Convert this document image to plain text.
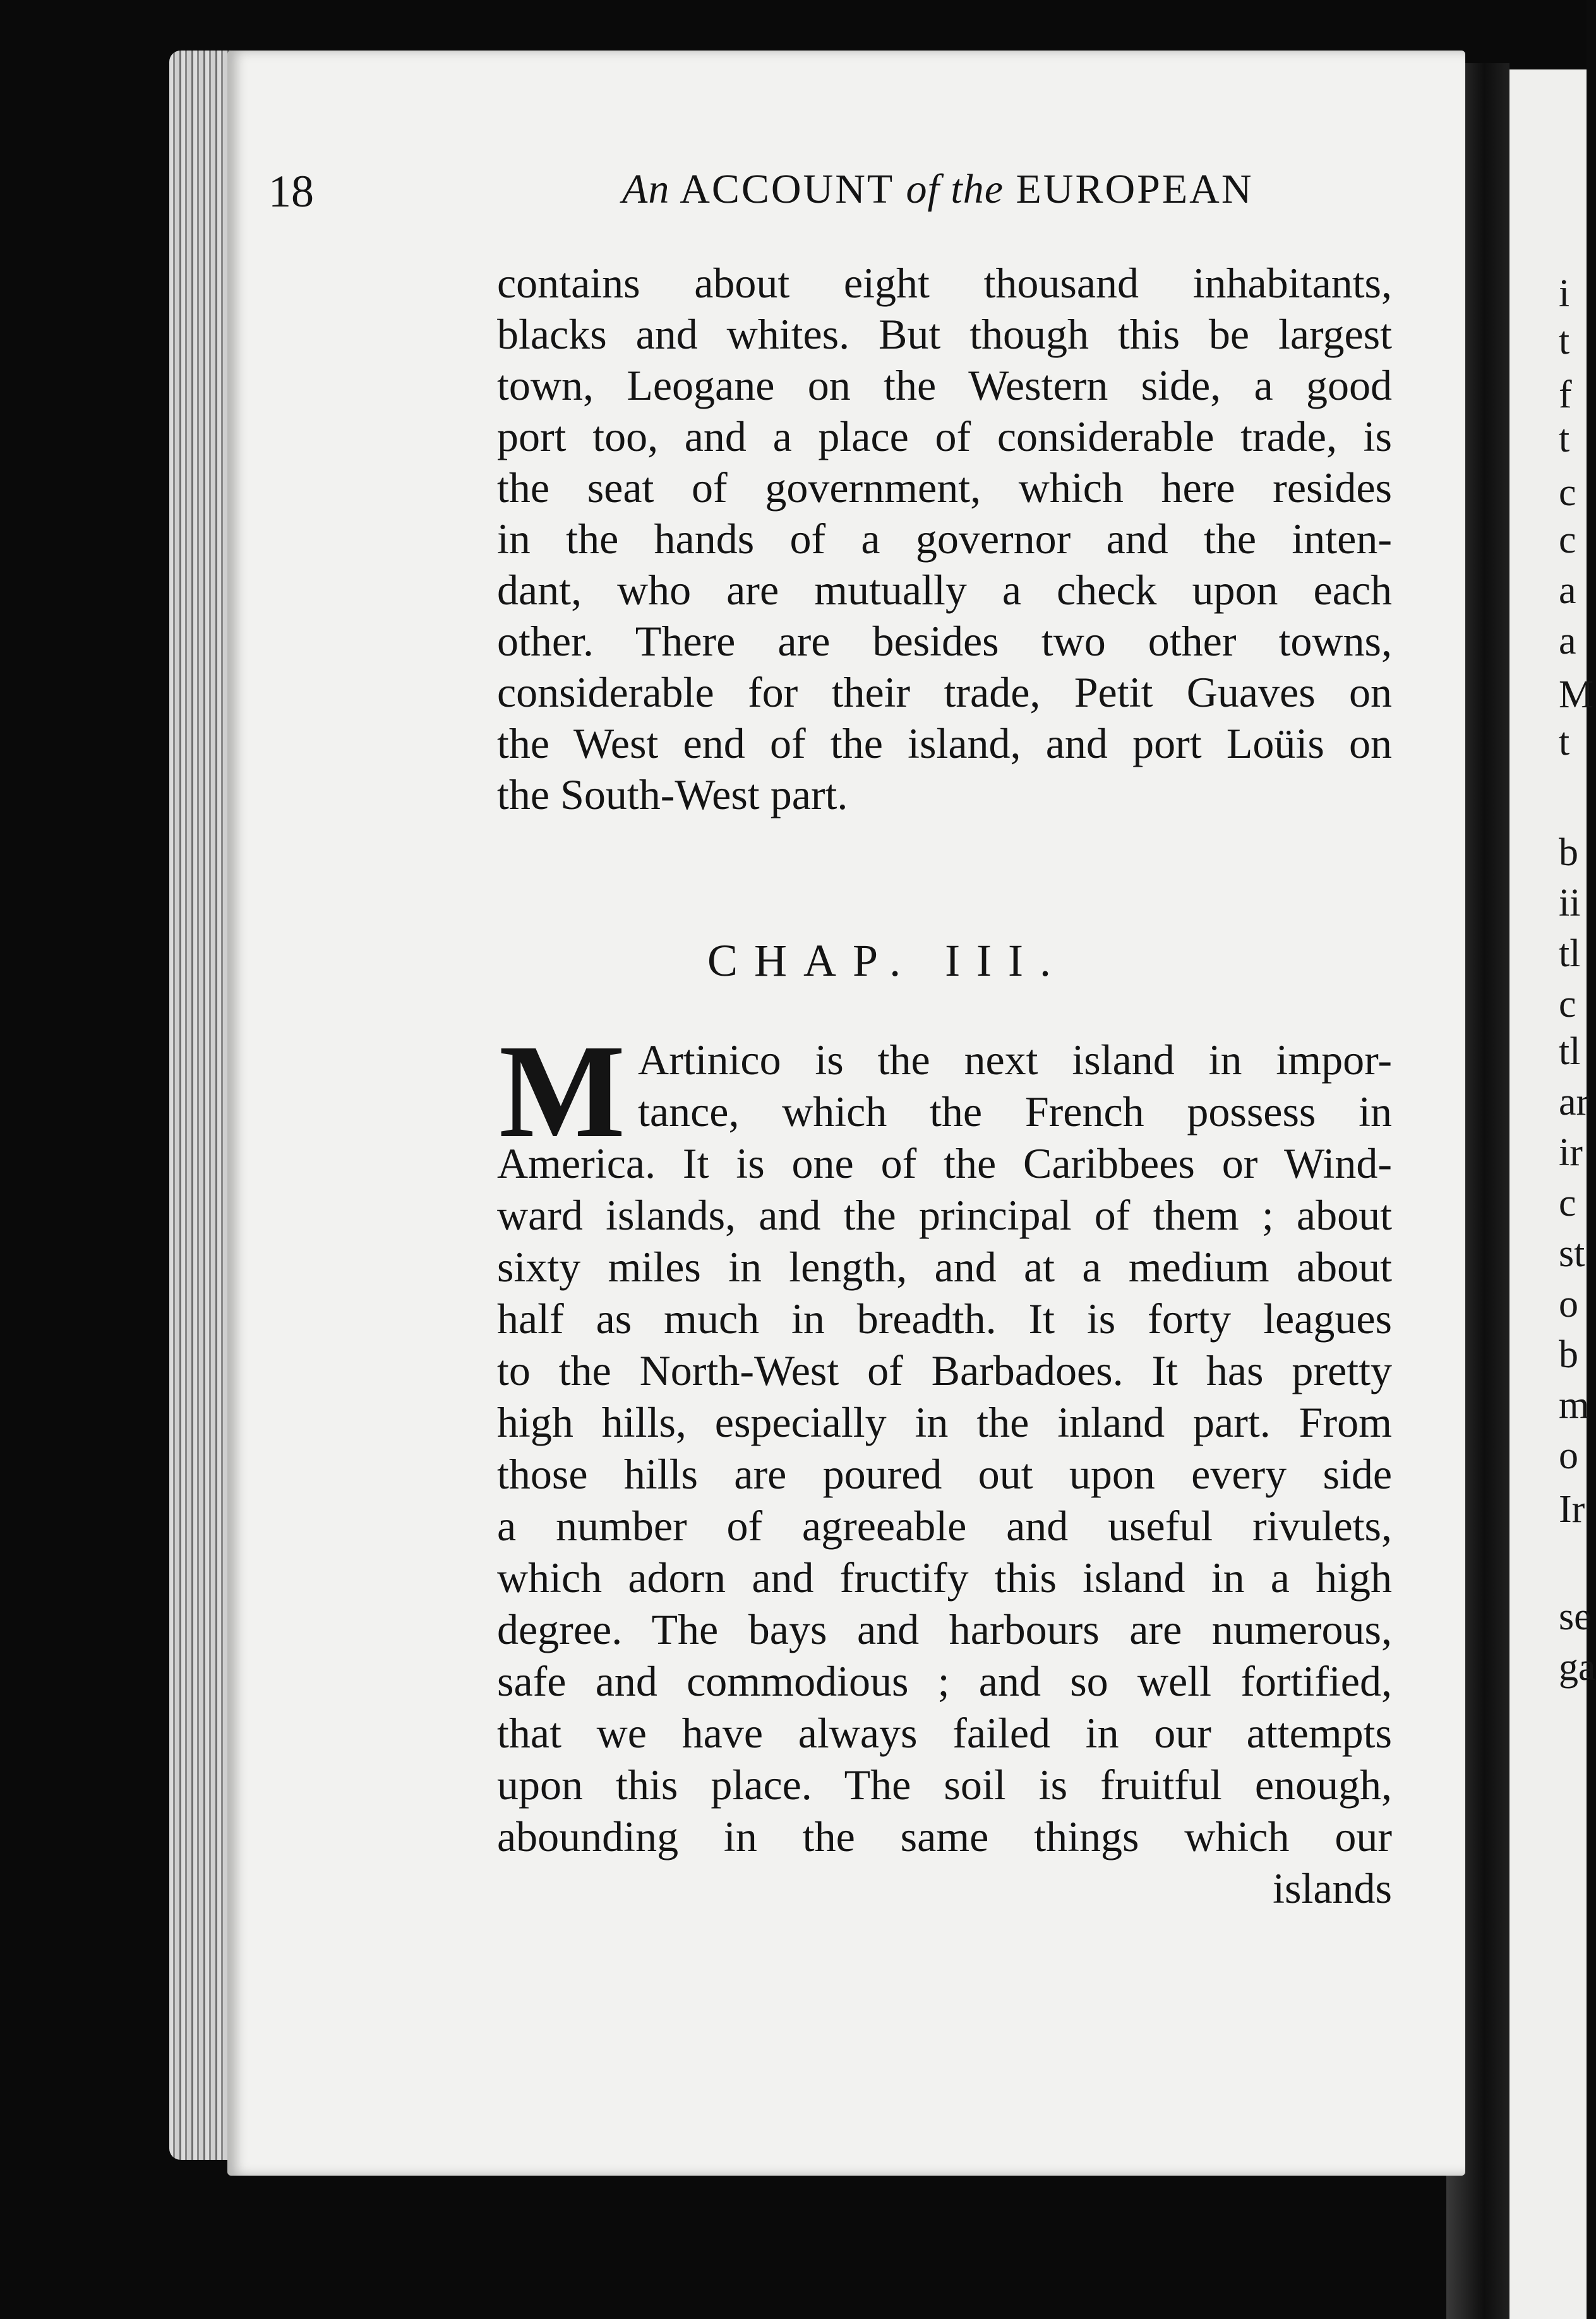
i
t
f
t
c
c
a
a
M
t
b
ii
tl
c
tl
ar
ir
c
st
o
b
m
o
Ir
se
ga
18	An ACCOUNT of the EUROPEAN
contains about eight thousand inhabitants,
blacks and whites. But though this be largest
town, Leogane on the Western side, a good
port too, and a place of considerable trade, is
the seat of government, which here resides
in the hands of a governor and the inten-
dant, who are mutually a check upon each
other. There are besides two other towns,
considerable for their trade, Petit Guaves on
the West end of the island, and port Loüis on
the South-West part.
CHAP. III.
M Artinico is the next island in impor-
tance, which the French possess in
America. It is one of the Caribbees or Wind-
ward islands, and the principal of them ; about
sixty miles in length, and at a medium about
half as much in breadth. It is forty leagues
to the North-West of Barbadoes. It has pretty
high hills, especially in the inland part. From
those hills are poured out upon every side
a number of agreeable and useful rivulets,
which adorn and fructify this island in a high
degree. The bays and harbours are numerous,
safe and commodious ; and so well fortified,
that we have always failed in our attempts
upon this place. The soil is fruitful enough,
abounding in the same things which our
islands
